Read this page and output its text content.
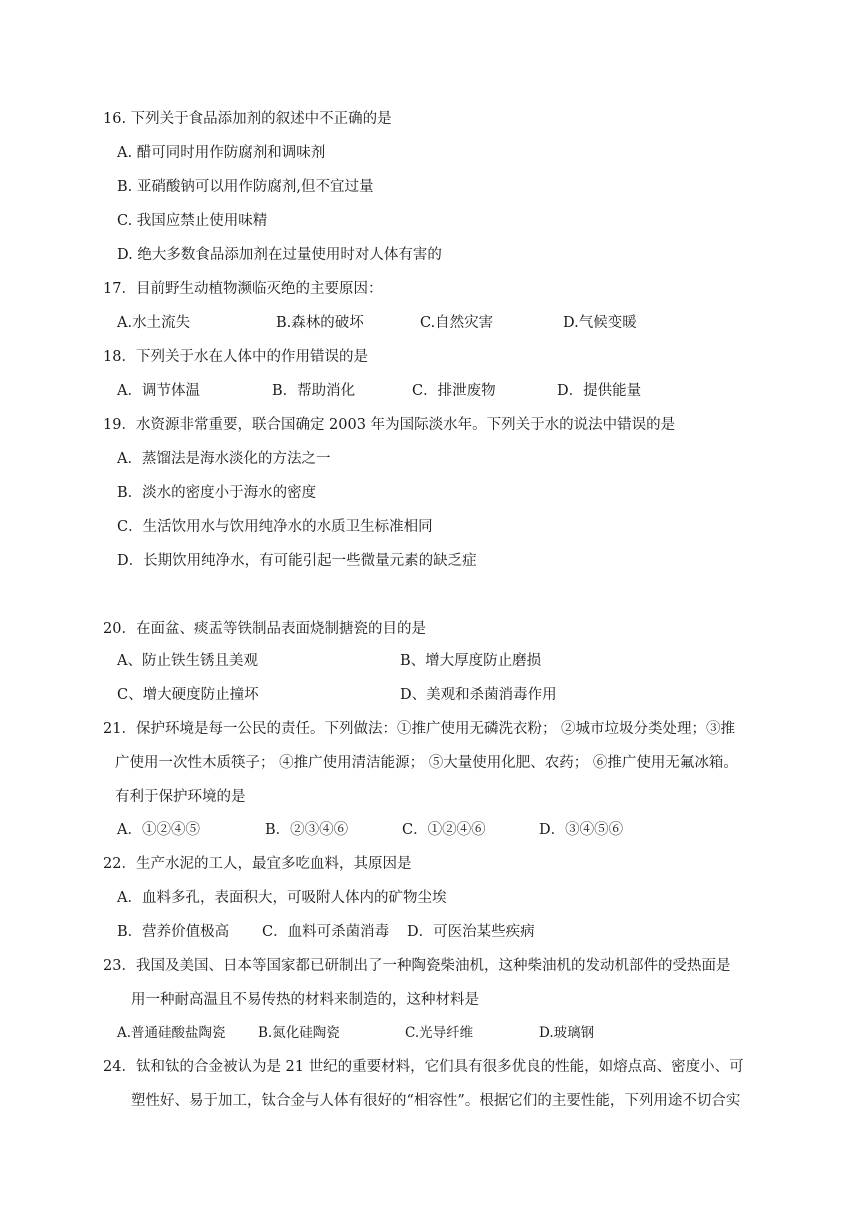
16. 下列关于食品添加剂的叙述中不正确的是
A. 醋可同时用作防腐剂和调味剂
B. 亚硝酸钠可以用作防腐剂,但不宜过量
C. 我国应禁止使用味精
D. 绝大多数食品添加剂在过量使用时对人体有害的
17．目前野生动植物濒临灭绝的主要原因：
A.水土流失	B.森林的破坏	C.自然灾害	D.气候变暖
18．下列关于水在人体中的作用错误的是
A．调节体温	B．帮助消化	C．排泄废物	D．提供能量
19．水资源非常重要，联合国确定 2003 年为国际淡水年。下列关于水的说法中错误的是
A．蒸馏法是海水淡化的方法之一
B．淡水的密度小于海水的密度
C．生活饮用水与饮用纯净水的水质卫生标准相同
D．长期饮用纯净水，有可能引起一些微量元素的缺乏症
20．在面盆、痰盂等铁制品表面烧制搪瓷的目的是
A、防止铁生锈且美观	B、增大厚度防止磨损
C、增大硬度防止撞坏	D、美观和杀菌消毒作用
21．保护环境是每一公民的责任。下列做法：①推广使用无磷洗衣粉； ②城市垃圾分类处理；③推
广使用一次性木质筷子； ④推广使用清洁能源； ⑤大量使用化肥、农药； ⑥推广使用无氟冰箱。
有利于保护环境的是
A．①②④⑤	B．②③④⑥	C．①②④⑥	D．③④⑤⑥
22．生产水泥的工人，最宜多吃血料，其原因是
A．血料多孔，表面积大，可吸附人体内的矿物尘埃
B．营养价值极高 C．血料可杀菌消毒 D．可医治某些疾病
23．我国及美国、日本等国家都已研制出了一种陶瓷柴油机，这种柴油机的发动机部件的受热面是
用一种耐高温且不易传热的材料来制造的，这种材料是
A.普通硅酸盐陶瓷 B.氮化硅陶瓷	C.光导纤维	D.玻璃钢
24．钛和钛的合金被认为是 21 世纪的重要材料，它们具有很多优良的性能，如熔点高、密度小、可
塑性好、易于加工，钛合金与人体有很好的“相容性”。根据它们的主要性能，下列用途不切合实
